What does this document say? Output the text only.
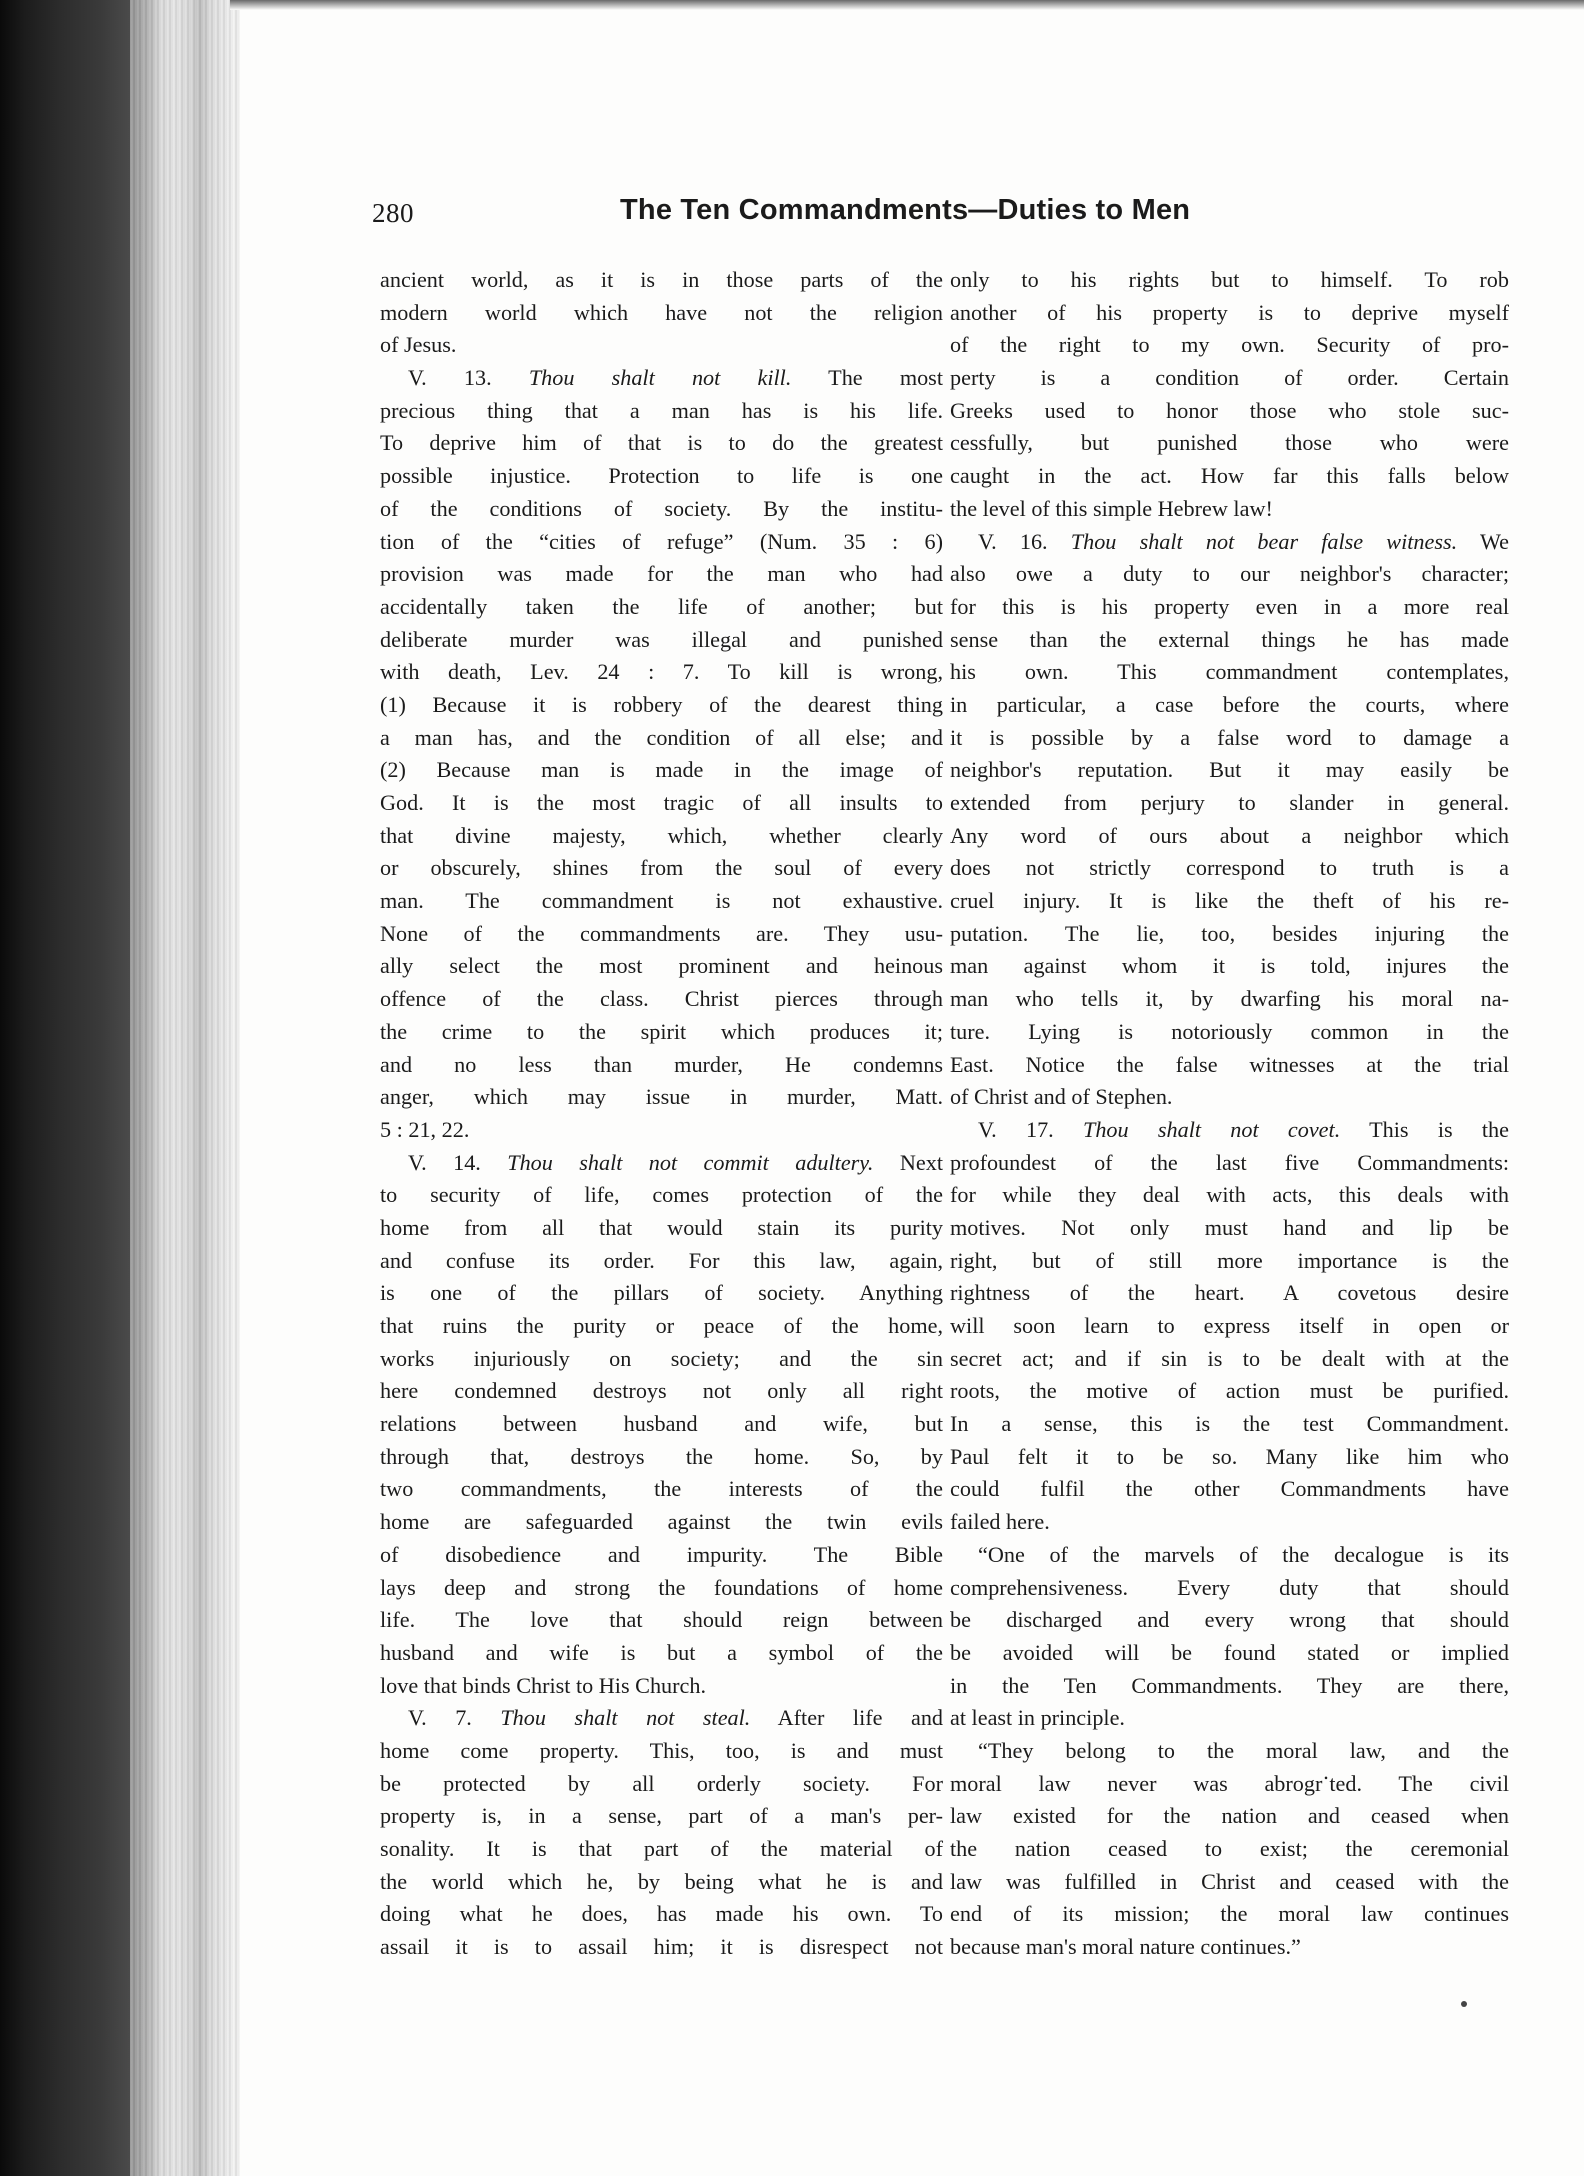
280	The Ten Commandments—Duties to Men
ancient world, as it is in those parts of the
modern world which have not the religion
of Jesus.
V. 13. Thou shalt not kill. The most
precious thing that a man has is his life.
To deprive him of that is to do the greatest
possible injustice. Protection to life is one
of the conditions of society. By the institu-
tion of the “cities of refuge” (Num. 35 : 6)
provision was made for the man who had
accidentally taken the life of another; but
deliberate murder was illegal and punished
with death, Lev. 24 : 7. To kill is wrong,
(1) Because it is robbery of the dearest thing
a man has, and the condition of all else; and
(2) Because man is made in the image of
God. It is the most tragic of all insults to
that divine majesty, which, whether clearly
or obscurely, shines from the soul of every
man. The commandment is not exhaustive.
None of the commandments are. They usu-
ally select the most prominent and heinous
offence of the class. Christ pierces through
the crime to the spirit which produces it;
and no less than murder, He condemns
anger, which may issue in murder, Matt.
5 : 21, 22.
V. 14. Thou shalt not commit adultery. Next
to security of life, comes protection of the
home from all that would stain its purity
and confuse its order. For this law, again,
is one of the pillars of society. Anything
that ruins the purity or peace of the home,
works injuriously on society; and the sin
here condemned destroys not only all right
relations between husband and wife, but
through that, destroys the home. So, by
two commandments, the interests of the
home are safeguarded against the twin evils
of disobedience and impurity. The Bible
lays deep and strong the foundations of home
life. The love that should reign between
husband and wife is but a symbol of the
love that binds Christ to His Church.
V. 7. Thou shalt not steal. After life and
home come property. This, too, is and must
be protected by all orderly society. For
property is, in a sense, part of a man's per-
sonality. It is that part of the material of
the world which he, by being what he is and
doing what he does, has made his own. To
assail it is to assail him; it is disrespect not
only to his rights but to himself. To rob
another of his property is to deprive myself
of the right to my own. Security of pro-
perty is a condition of order. Certain
Greeks used to honor those who stole suc-
cessfully, but punished those who were
caught in the act. How far this falls below
the level of this simple Hebrew law!
V. 16. Thou shalt not bear false witness. We
also owe a duty to our neighbor's character;
for this is his property even in a more real
sense than the external things he has made
his own. This commandment contemplates,
in particular, a case before the courts, where
it is possible by a false word to damage a
neighbor's reputation. But it may easily be
extended from perjury to slander in general.
Any word of ours about a neighbor which
does not strictly correspond to truth is a
cruel injury. It is like the theft of his re-
putation. The lie, too, besides injuring the
man against whom it is told, injures the
man who tells it, by dwarfing his moral na-
ture. Lying is notoriously common in the
East. Notice the false witnesses at the trial
of Christ and of Stephen.
V. 17. Thou shalt not covet. This is the
profoundest of the last five Commandments:
for while they deal with acts, this deals with
motives. Not only must hand and lip be
right, but of still more importance is the
rightness of the heart. A covetous desire
will soon learn to express itself in open or
secret act; and if sin is to be dealt with at the
roots, the motive of action must be purified.
In a sense, this is the test Commandment.
Paul felt it to be so. Many like him who
could fulfil the other Commandments have
failed here.
“One of the marvels of the decalogue is its
comprehensiveness. Every duty that should
be discharged and every wrong that should
be avoided will be found stated or implied
in the Ten Commandments. They are there,
at least in principle.
“They belong to the moral law, and the
moral law never was abrogrॱted. The civil
law existed for the nation and ceased when
the nation ceased to exist; the ceremonial
law was fulfilled in Christ and ceased with the
end of its mission; the moral law continues
because man's moral nature continues.”
